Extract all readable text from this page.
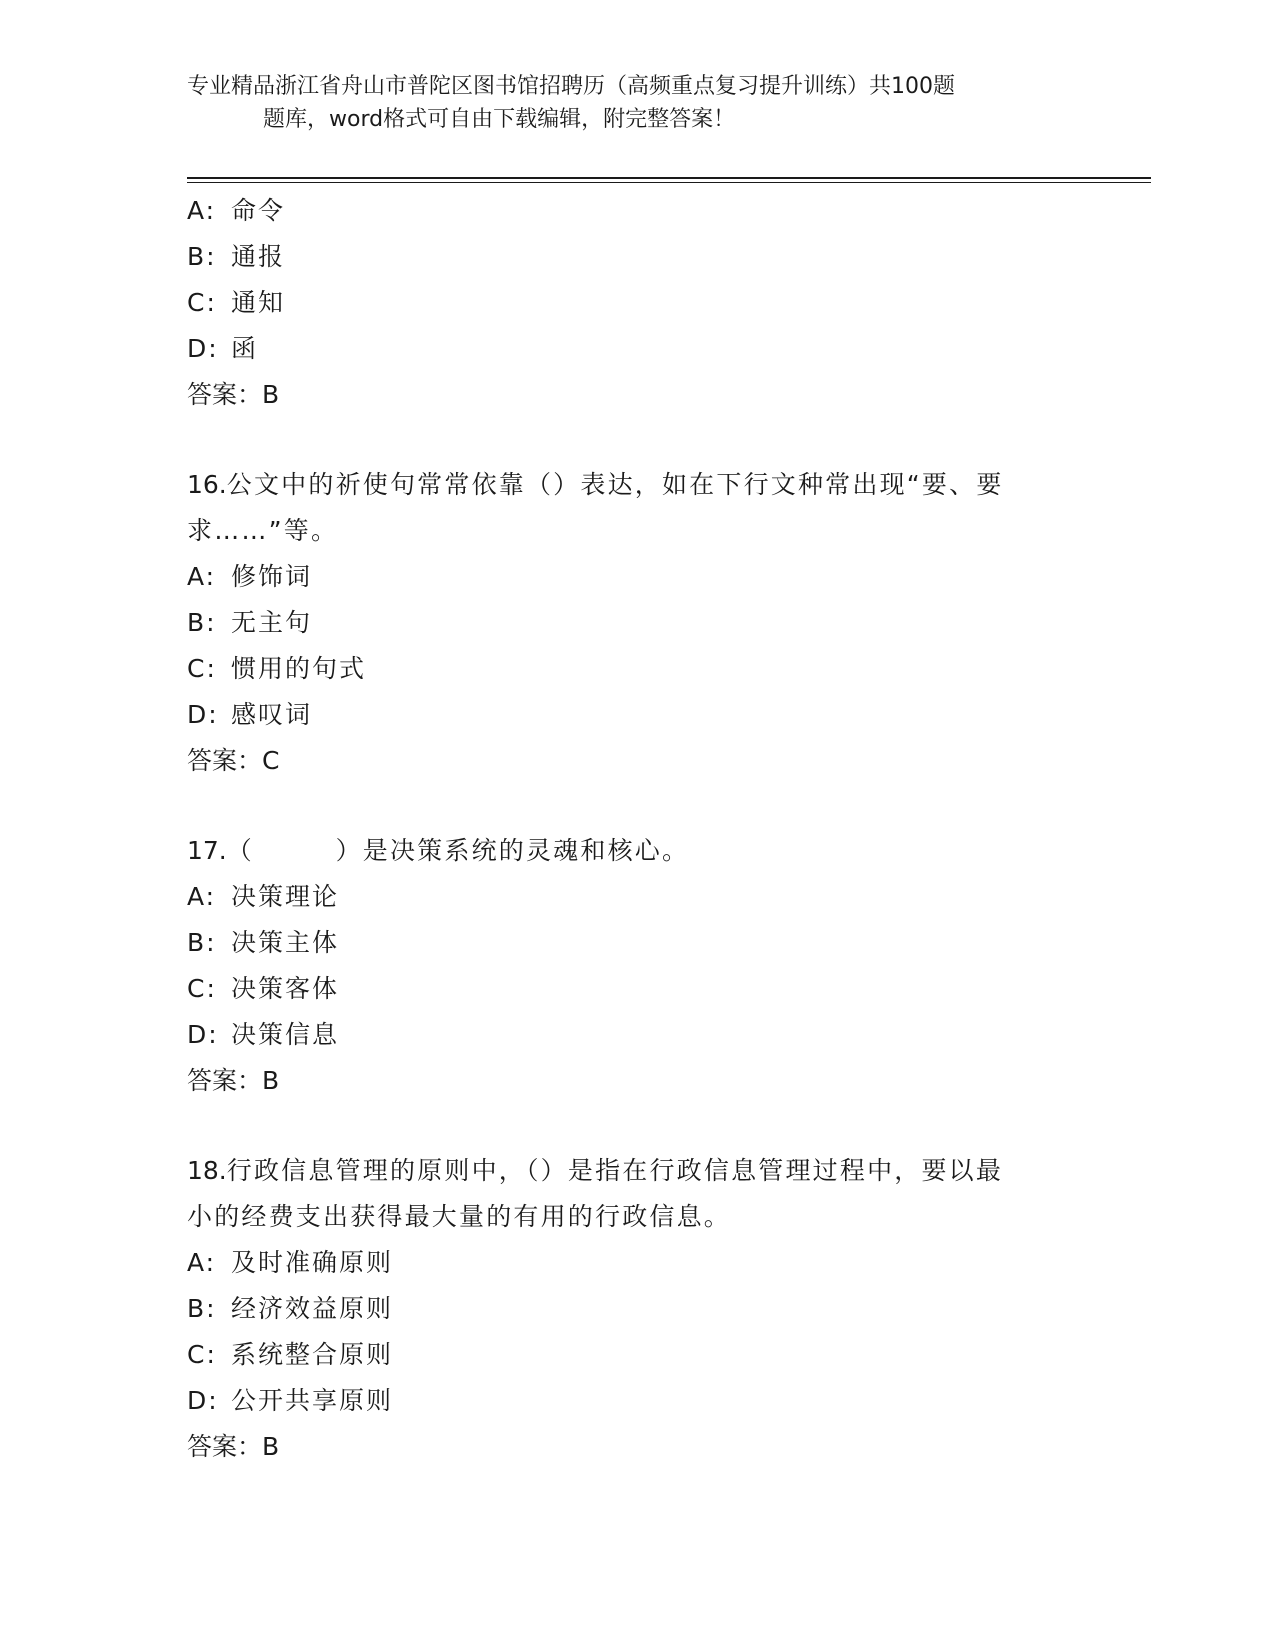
专业精品浙江省舟山市普陀区图书馆招聘历（高频重点复习提升训练）共100题
题库，word格式可自由下载编辑，附完整答案！
A: 命令
B: 通报
C: 通知
D: 函
答案：B
16.公文中的祈使句常常依靠（）表达，如在下行文种常出现“要、要
求……”等。
A: 修饰词
B: 无主句
C: 惯用的句式
D: 感叹词
答案：C
17.（　　　）是决策系统的灵魂和核心。
A: 决策理论
B: 决策主体
C: 决策客体
D: 决策信息
答案：B
18.行政信息管理的原则中，（）是指在行政信息管理过程中，要以最
小的经费支出获得最大量的有用的行政信息。
A: 及时准确原则
B: 经济效益原则
C: 系统整合原则
D: 公开共享原则
答案：B
